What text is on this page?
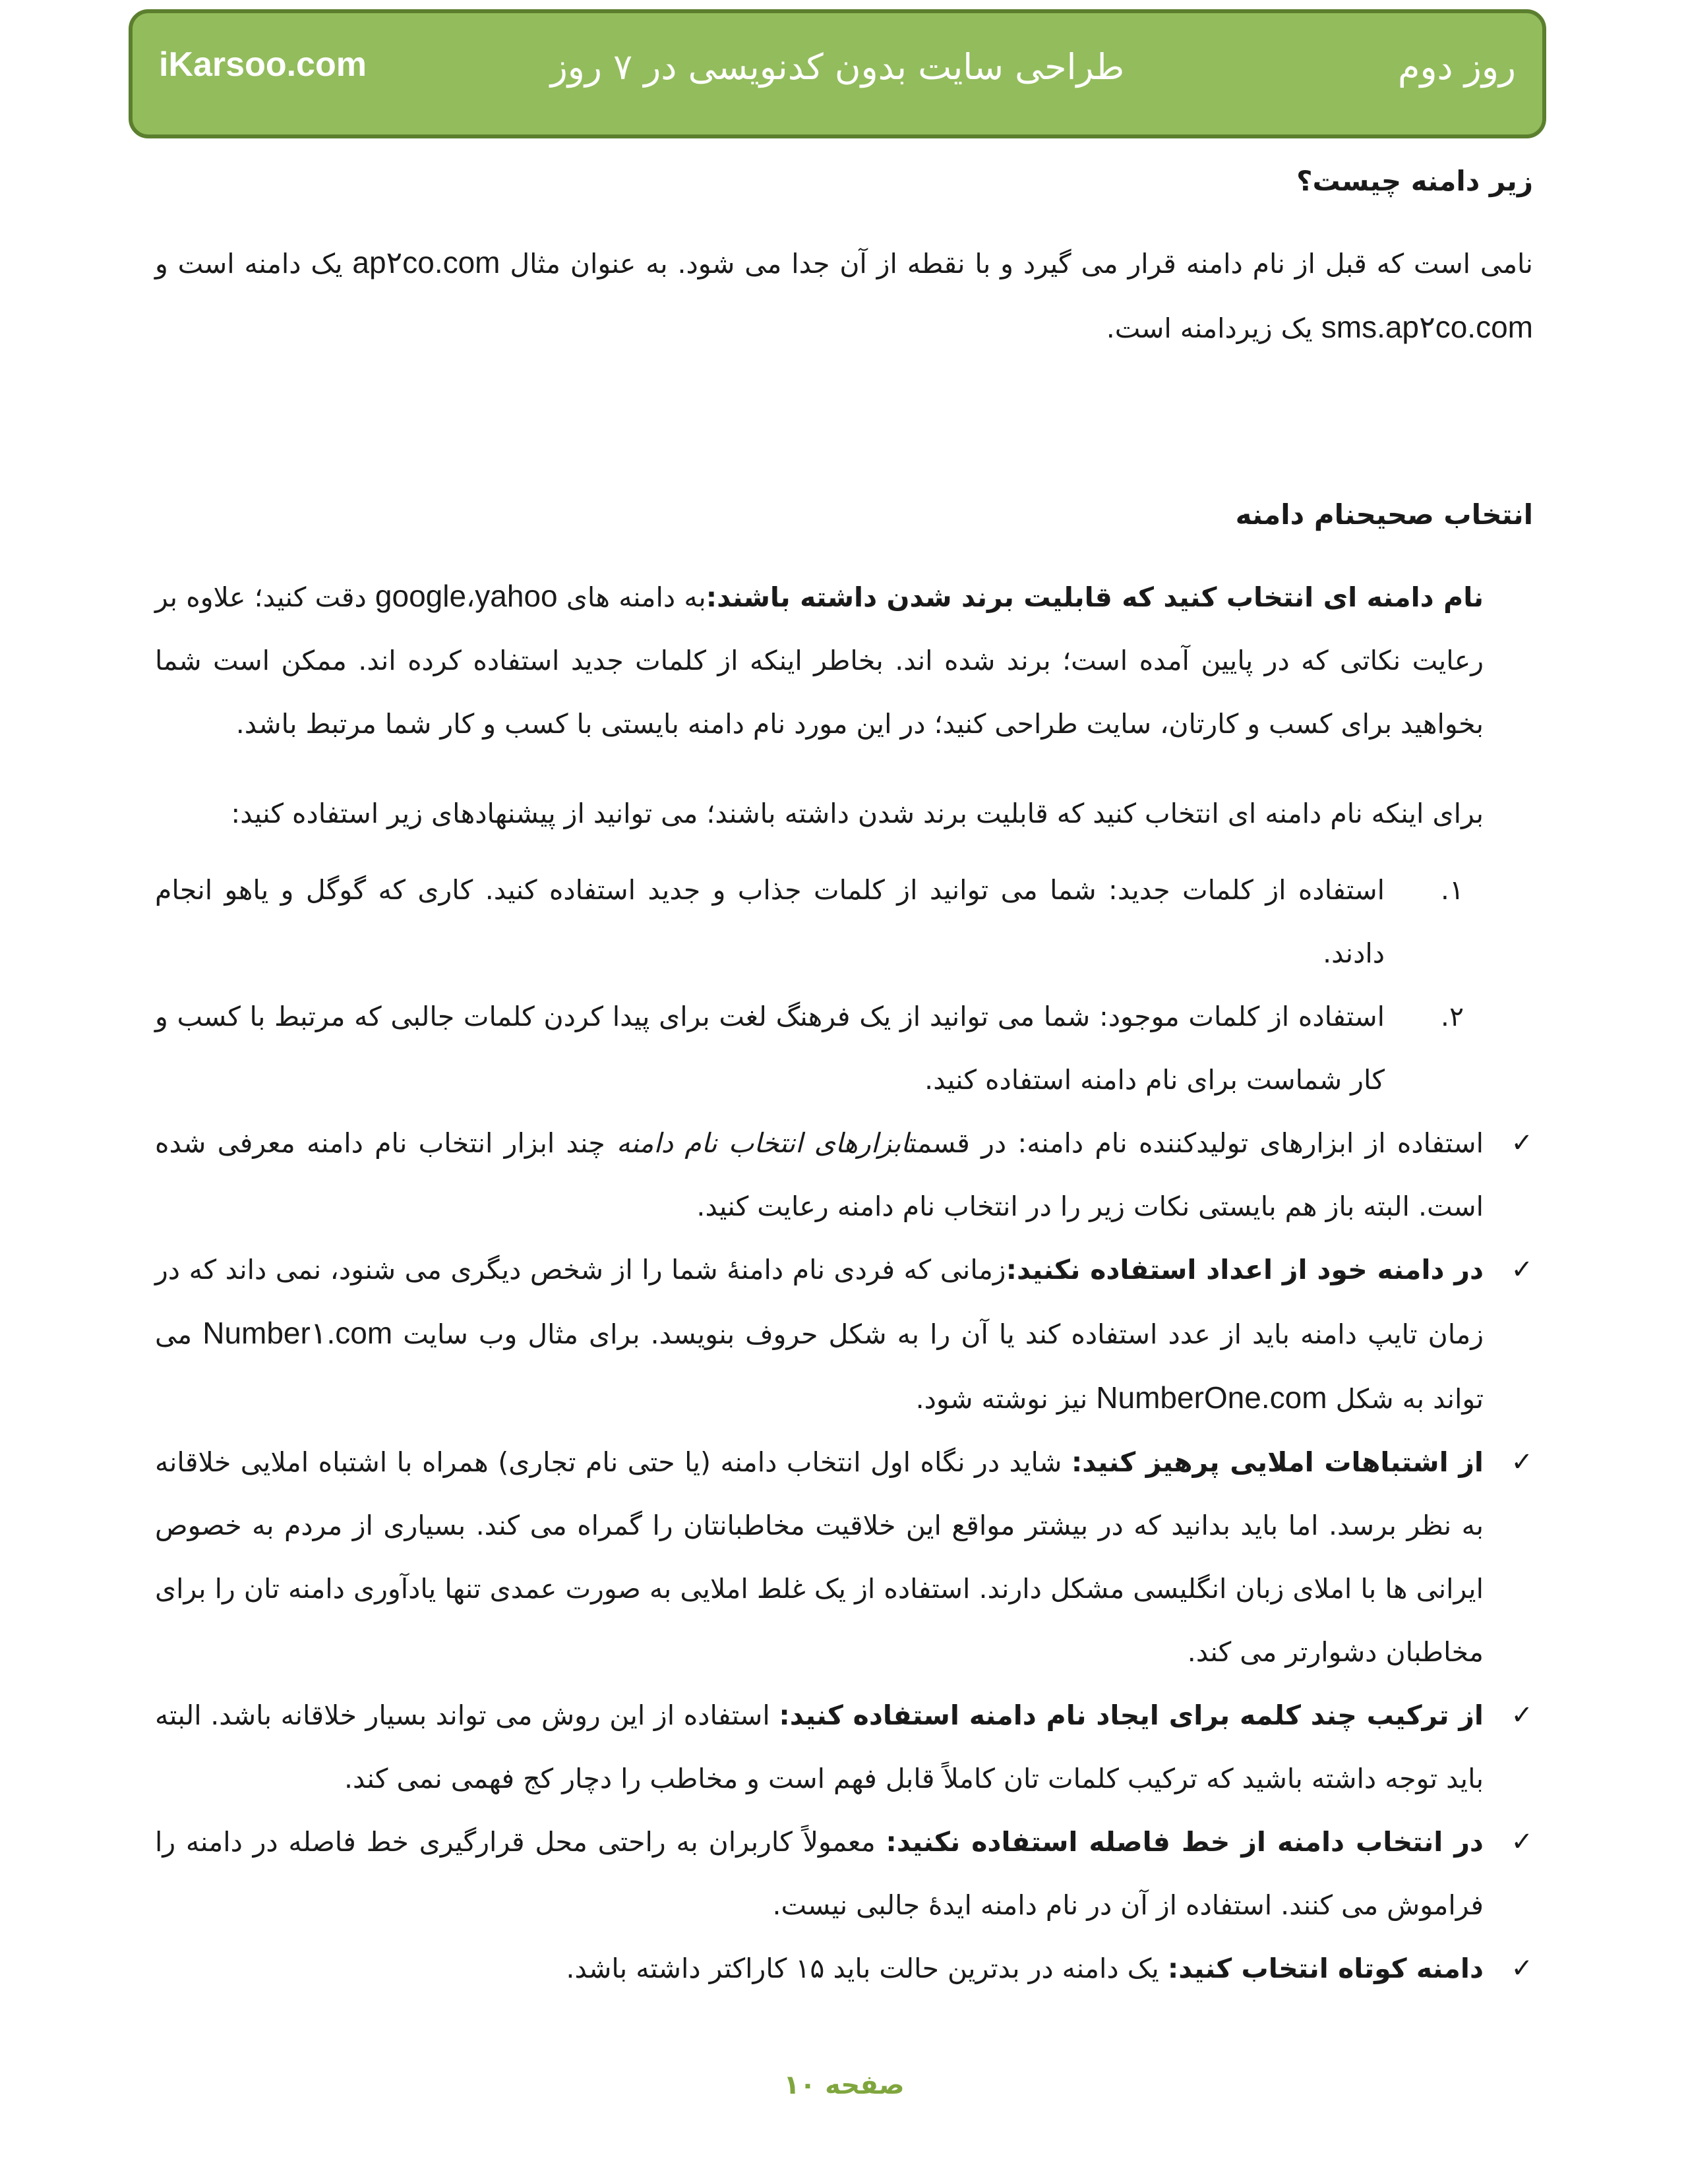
روز دوم
طراحی سایت بدون کدنویسی در ۷ روز
iKarsoo.com

زیر دامنه چیست؟

نامی است که قبل از نام دامنه قرار می گیرد و با نقطه از آن جدا می شود. به عنوان مثال ap۲co.com یک دامنه است و sms.ap۲co.com یک زیردامنه است.

انتخاب صحیحنام دامنه

نام دامنه ای انتخاب کنید که قابلیت برند شدن داشته باشند:به دامنه های google،yahoo دقت کنید؛ علاوه بر رعایت نکاتی که در پایین آمده است؛ برند شده اند. بخاطر اینکه از کلمات جدید استفاده کرده اند. ممکن است شما بخواهید برای کسب و کارتان، سایت طراحی کنید؛ در این مورد نام دامنه بایستی با کسب و کار شما مرتبط باشد.

برای اینکه نام دامنه ای انتخاب کنید که قابلیت برند شدن داشته باشند؛ می توانید از پیشنهادهای زیر استفاده کنید:

۱.
استفاده از کلمات جدید: شما می توانید از کلمات جذاب و جدید استفاده کنید. کاری که گوگل و یاهو انجام دادند.
۲.
استفاده از کلمات موجود: شما می توانید از یک فرهنگ لغت برای پیدا کردن کلمات جالبی که مرتبط با کسب و کار شماست برای نام دامنه استفاده کنید.
✓
استفاده از ابزارهای تولیدکننده نام دامنه: در قسمتابزارهای انتخاب نام دامنه چند ابزار انتخاب نام دامنه معرفی شده است. البته باز هم بایستی نکات زیر را در انتخاب نام دامنه رعایت کنید.
✓
در دامنه خود از اعداد استفاده نکنید:زمانی که فردی نام دامنۀ شما را از شخص دیگری می شنود، نمی داند که در زمان تایپ دامنه باید از عدد استفاده کند یا آن را به شکل حروف بنویسد. برای مثال وب سایت Number۱.com می تواند به شکل NumberOne.com نیز نوشته شود.
✓
از اشتباهات املایی پرهیز کنید: شاید در نگاه اول انتخاب دامنه (یا حتی نام تجاری) همراه با اشتباه املایی خلاقانه به نظر برسد. اما باید بدانید که در بیشتر مواقع این خلاقیت مخاطبانتان را گمراه می کند. بسیاری از مردم به خصوص ایرانی ها با املای زبان انگلیسی مشکل دارند. استفاده از یک غلط املایی به صورت عمدی تنها یادآوری دامنه تان را برای مخاطبان دشوارتر می کند.
✓
از ترکیب چند کلمه برای ایجاد نام دامنه استفاده کنید: استفاده از این روش می تواند بسیار خلاقانه باشد. البته باید توجه داشته باشید که ترکیب کلمات تان کاملاً قابل فهم است و مخاطب را دچار کج فهمی نمی کند.
✓
در انتخاب دامنه از خط فاصله استفاده نکنید: معمولاً کاربران به راحتی محل قرارگیری خط فاصله در دامنه را فراموش می کنند. استفاده از آن در نام دامنه ایدۀ جالبی نیست.
✓
دامنه کوتاه انتخاب کنید: یک دامنه در بدترین حالت باید ۱۵ کاراکتر داشته باشد.
صفحه ۱۰
